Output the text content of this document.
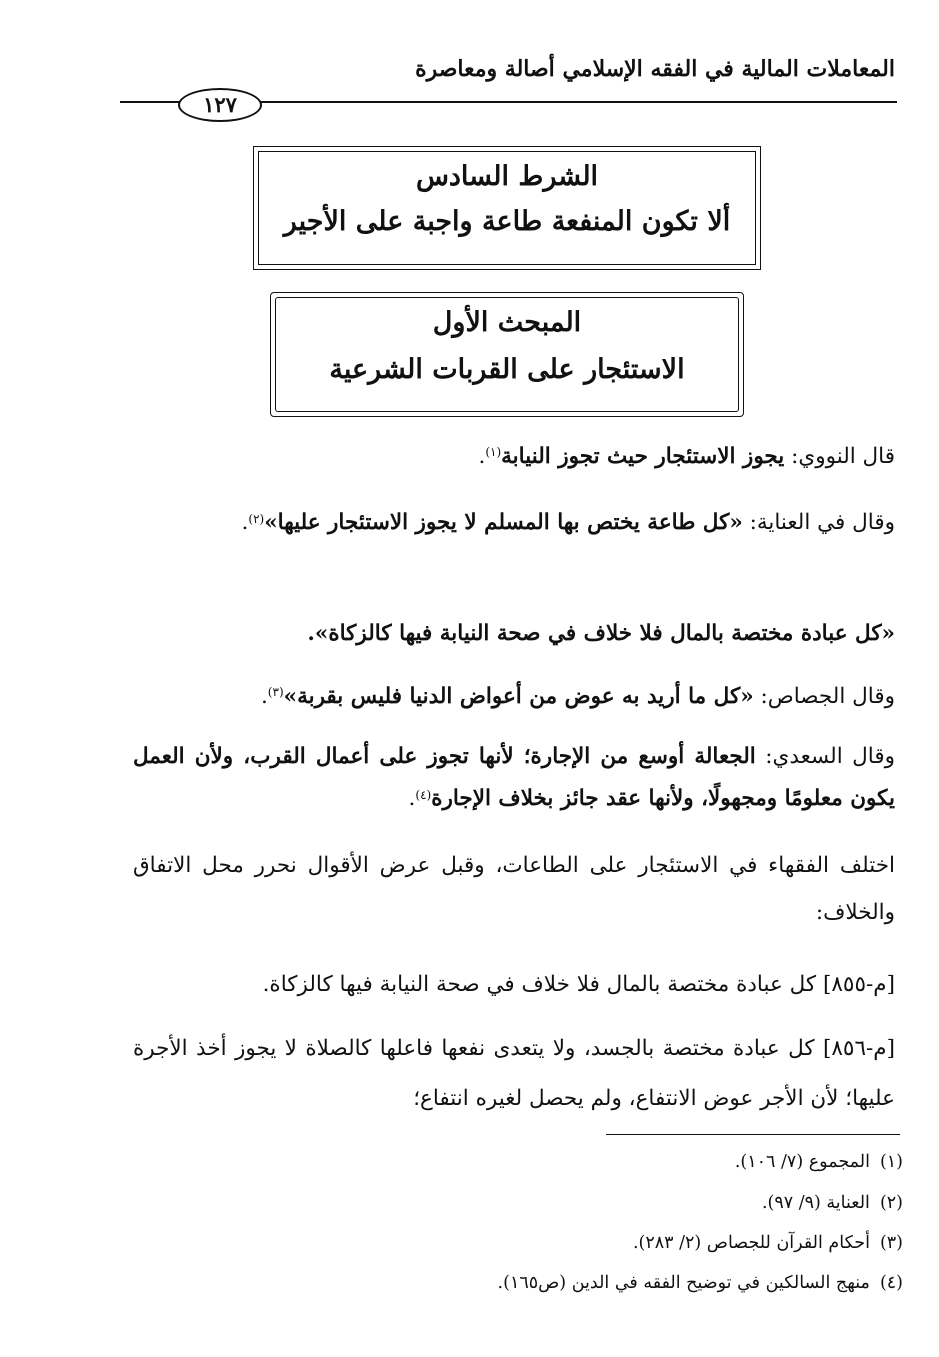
المعاملات المالية في الفقه الإسلامي أصالة ومعاصرة
١٢٧
الشرط السادس
ألا تكون المنفعة طاعة واجبة على الأجير
المبحث الأول
الاستئجار على القربات الشرعية
قال النووي: يجوز الاستئجار حيث تجوز النيابة$^{(١)}$.
وقال في العناية: «كل طاعة يختص بها المسلم لا يجوز الاستئجار عليها»$^{(٢)}$.
«كل عبادة مختصة بالمال فلا خلاف في صحة النيابة فيها كالزكاة».
وقال الجصاص: «كل ما أريد به عوض من أعواض الدنيا فليس بقربة»$^{(٣)}$.
وقال السعدي: الجعالة أوسع من الإجارة؛ لأنها تجوز على أعمال القرب، ولأن العمل يكون معلومًا ومجهولًا، ولأنها عقد جائز بخلاف الإجارة$^{(٤)}$.
اختلف الفقهاء في الاستئجار على الطاعات، وقبل عرض الأقوال نحرر محل الاتفاق والخلاف:
[م-٨٥٥] كل عبادة مختصة بالمال فلا خلاف في صحة النيابة فيها كالزكاة.
[م-٨٥٦] كل عبادة مختصة بالجسد، ولا يتعدى نفعها فاعلها كالصلاة لا يجوز أخذ الأجرة عليها؛ لأن الأجر عوض الانتفاع، ولم يحصل لغيره انتفاع؛
(١)المجموع (٧/ ١٠٦).
(٢)العناية (٩/ ٩٧).
(٣)أحكام القرآن للجصاص (٢/ ٢٨٣).
(٤)منهج السالكين في توضيح الفقه في الدين (ص١٦٥).
